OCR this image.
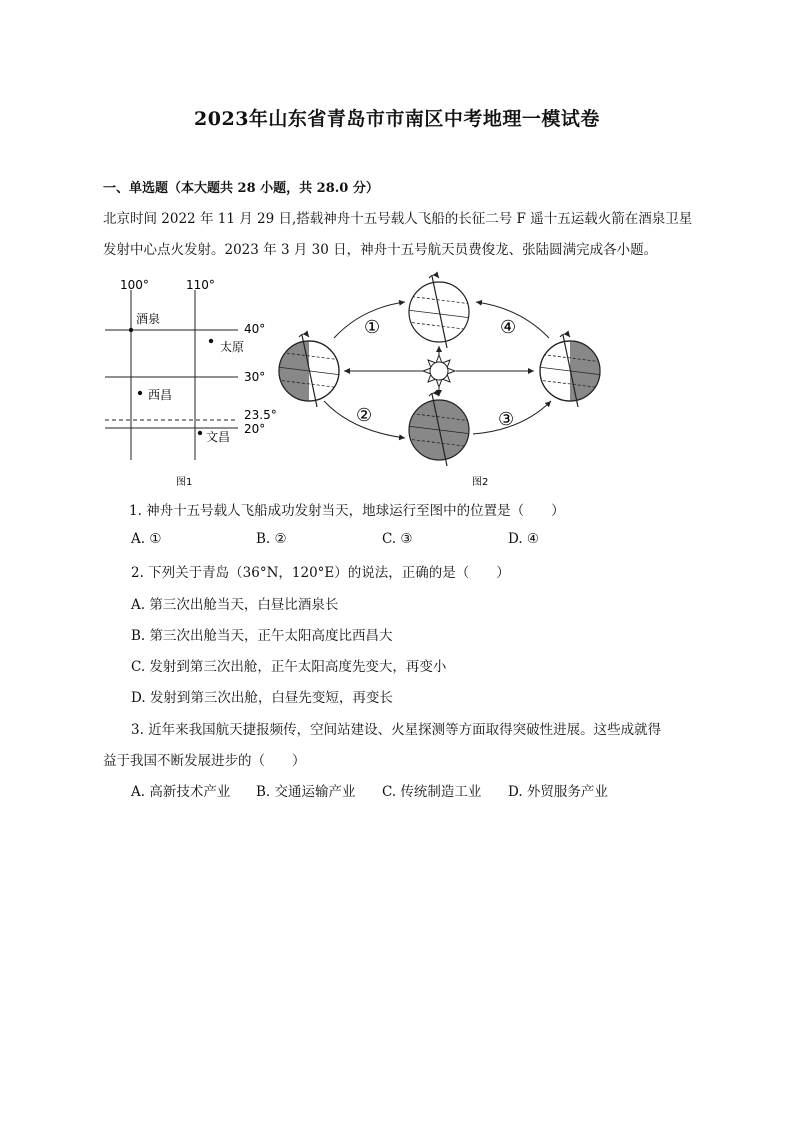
2023年山东省青岛市市南区中考地理一模试卷
一、单选题（本大题共 28 小题，共 28.0 分）
北京时间 2022 年 11 月 29 日,搭载神舟十五号载人飞船的长征二号 F 遥十五运载火箭在酒泉卫星
发射中心点火发射。2023 年 3 月 30 日，神舟十五号航天员费俊龙、张陆圆满完成各小题。
100°	110°
40°
30°
23.5°
20°
酒泉
太原
西昌
文昌
图1
①
②	③
④
图2
1. 神舟十五号载人飞船成功发射当天，地球运行至图中的位置是（　　）
A. ①	B. ②	C. ③	D. ④
2. 下列关于青岛（36°N，120°E）的说法，正确的是（　　）
A. 第三次出舱当天，白昼比酒泉长
B. 第三次出舱当天，正午太阳高度比西昌大
C. 发射到第三次出舱，正午太阳高度先变大，再变小
D. 发射到第三次出舱，白昼先变短，再变长
3. 近年来我国航天捷报频传，空间站建设、火星探测等方面取得突破性进展。这些成就得
益于我国不断发展进步的（　　）
A. 高新技术产业 B. 交通运输产业 C. 传统制造工业 D. 外贸服务产业
